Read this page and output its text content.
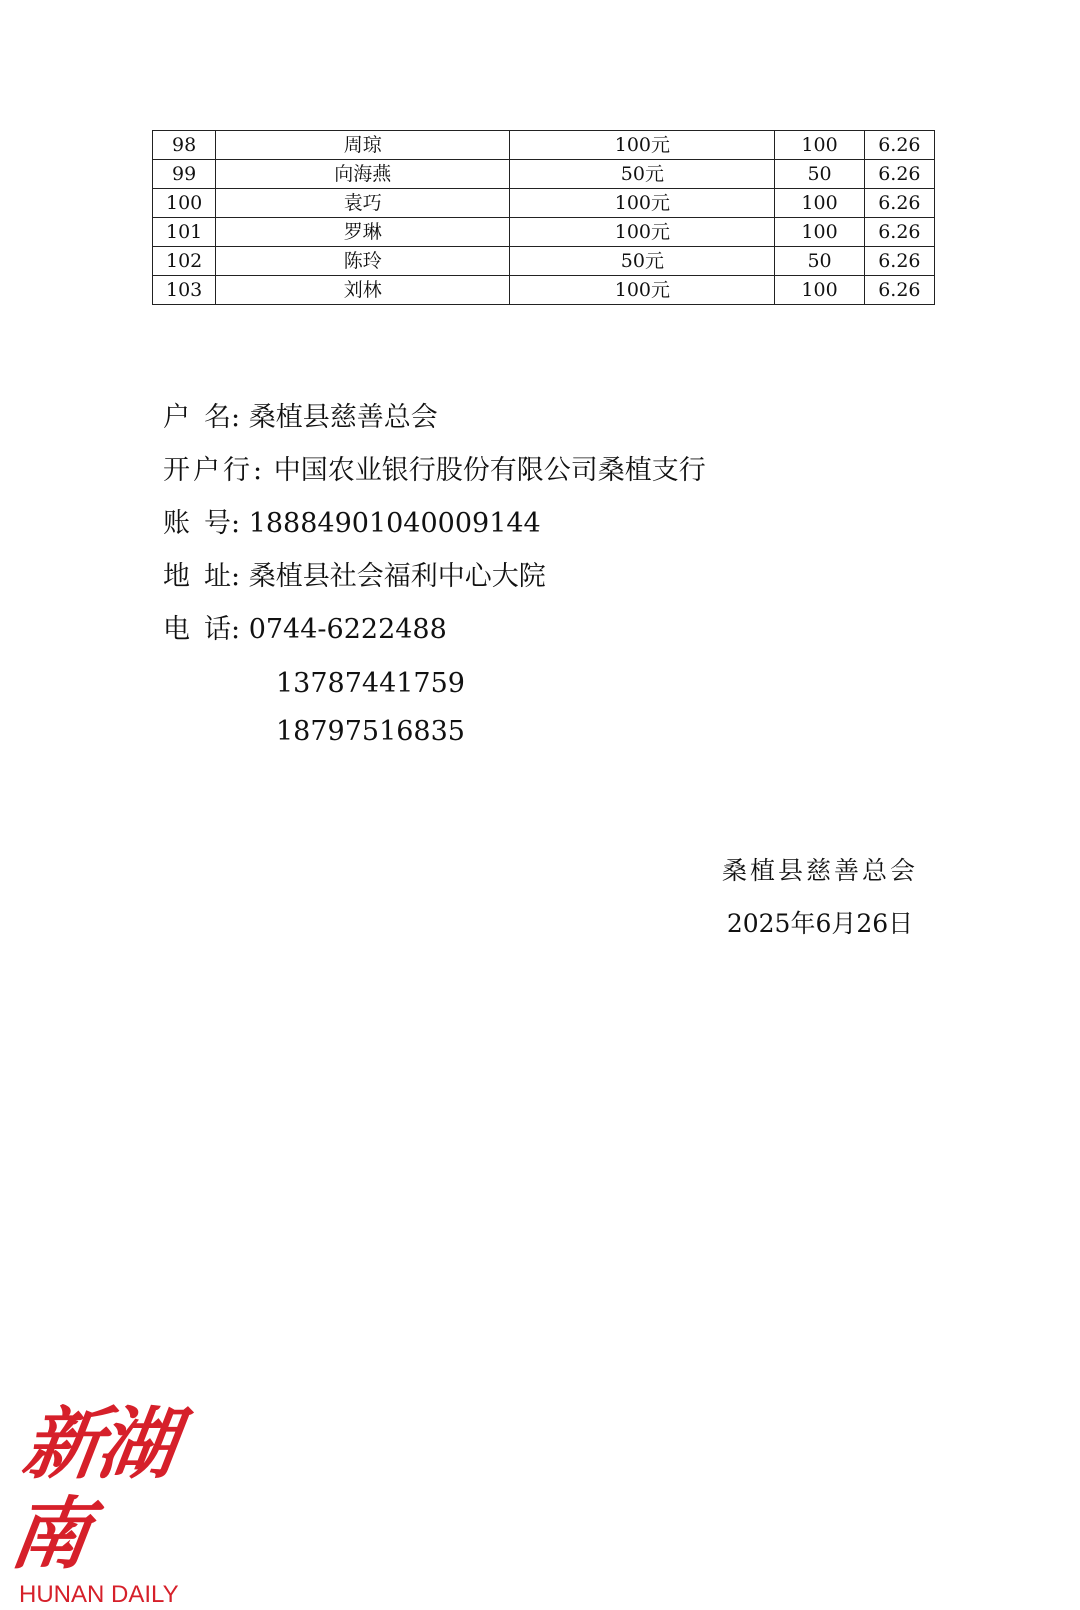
98	周琼	100元	100	6.26
99	向海燕	50元	50	6.26
100	袁巧	100元	100	6.26
101	罗琳	100元	100	6.26
102	陈玲	50元	50	6.26
103	刘林	100元	100	6.26
户 名: 桑植县慈善总会
开户行: 中国农业银行股份有限公司桑植支行
账 号: 18884901040009144
地 址: 桑植县社会福利中心大院
电 话: 0744-6222488
13787441759
18797516835
桑植县慈善总会
2025年6月26日
新湖南
HUNAN DAILY
